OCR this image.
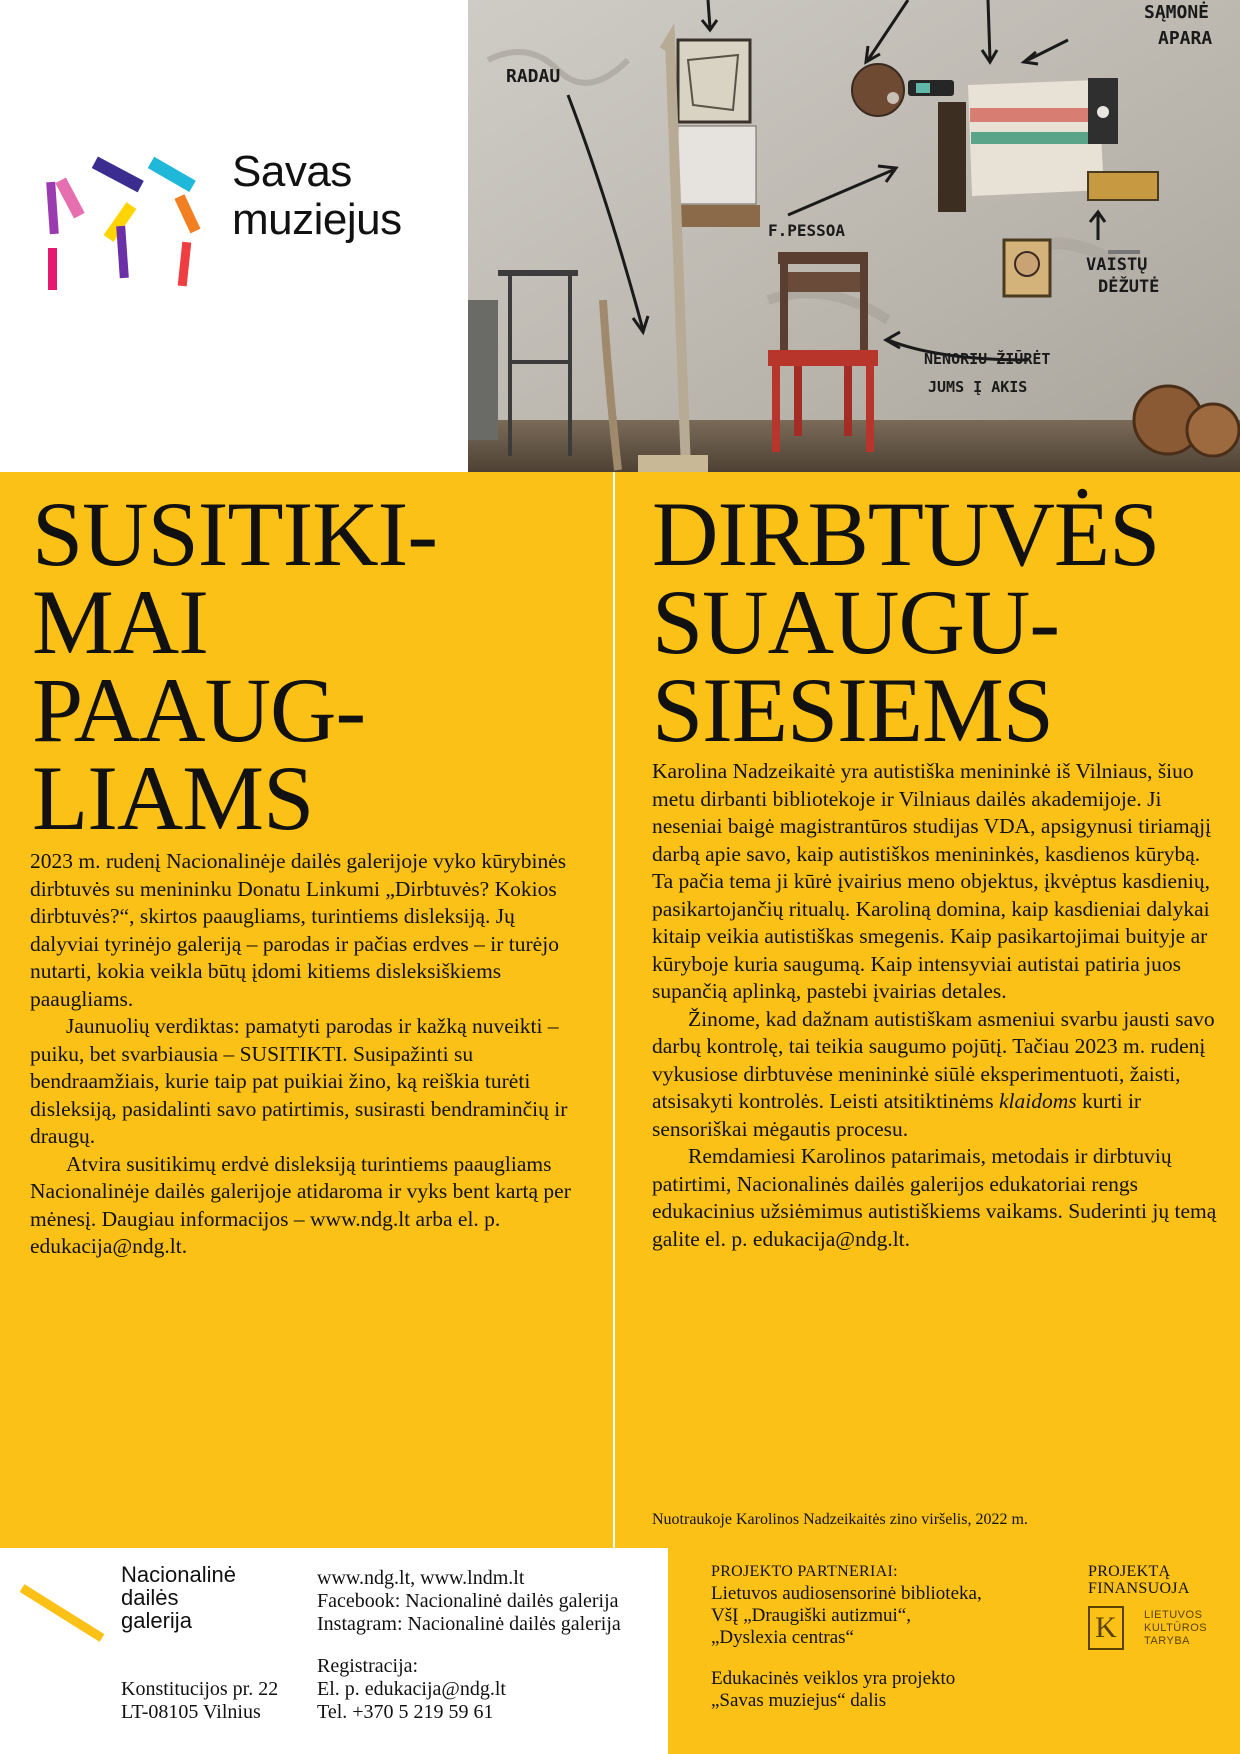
Savas
muziejus
RADAU
SĄMONĖ
APARA
F.PESSOA
VAISTŲ
DĖŽUTĖ
NENORIU ŽIŪRĖT
JUMS Į AKIS
SUSITIKI-
MAI
PAAUG-
LIAMS

2023 m. rudenį Nacionalinėje dailės galerijoje vyko kūrybinės dirbtuvės su menininku Donatu Linkumi „Dirbtuvės? Kokios dirbtuvės?“, skirtos paaugliams, turintiems disleksiją. Jų dalyviai tyrinėjo galeriją – parodas ir pačias erdves – ir turėjo nutarti, kokia veikla būtų įdomi kitiems disleksiškiems paaugliams.

Jaunuolių verdiktas: pamatyti parodas ir kažką nuveikti – puiku, bet svarbiausia – SUSITIKTI. Susipažinti su bendraamžiais, kurie taip pat puikiai žino, ką reiškia turėti disleksiją, pasidalinti savo patirtimis, susirasti bendraminčių ir draugų.

Atvira susitikimų erdvė disleksiją turintiems paaugliams Nacionalinėje dailės galerijoje atidaroma ir vyks bent kartą per mėnesį. Daugiau informacijos – www.ndg.lt arba el. p. edukacija@ndg.lt.

DIRBTUVĖS
SUAUGU-
SIESIEMS

Karolina Nadzeikaitė yra autistiška menininkė iš Vilniaus, šiuo metu dirbanti bibliotekoje ir Vilniaus dailės akademijoje. Ji neseniai baigė magistrantūros studijas VDA, apsigynusi tiriamąjį darbą apie savo, kaip autistiškos menininkės, kasdienos kūrybą. Ta pačia tema ji kūrė įvairius meno objektus, įkvėptus kasdienių, pasikartojančių ritualų. Karoliną domina, kaip kasdieniai dalykai kitaip veikia autistiškas smegenis. Kaip pasikartojimai buityje ar kūryboje kuria saugumą. Kaip intensyviai autistai patiria juos supančią aplinką, pastebi įvairias detales.

Žinome, kad dažnam autistiškam asmeniui svarbu jausti savo darbų kontrolę, tai teikia saugumo pojūtį. Tačiau 2023 m. rudenį vykusiose dirbtuvėse menininkė siūlė eksperimentuoti, žaisti, atsisakyti kontrolės. Leisti atsitiktinėms klaidoms kurti ir sensoriškai mėgautis procesu.

Remdamiesi Karolinos patarimais, metodais ir dirbtuvių patirtimi, Nacionalinės dailės galerijos edukatoriai rengs edukacinius užsiėmimus autistiškiems vaikams. Suderinti jų temą galite el. p. edukacija@ndg.lt.

Nuotraukoje Karolinos Nadzeikaitės zino viršelis, 2022 m.
Nacionalinė
dailės
galerija
Konstitucijos pr. 22
LT-08105 Vilnius
www.ndg.lt, www.lndm.lt
Facebook: Nacionalinė dailės galerija
Instagram: Nacionalinė dailės galerija
Registracija:
El. p. edukacija@ndg.lt
Tel. +370 5 219 59 61
PROJEKTO PARTNERIAI:
Lietuvos audiosensorinė biblioteka,
VšĮ „Draugiški autizmui“,
„Dyslexia centras“
Edukacinės veiklos yra projekto
„Savas muziejus“ dalis
PROJEKTĄ
FINANSUOJA
K	LIETUVOS
KULTŪROS
TARYBA
